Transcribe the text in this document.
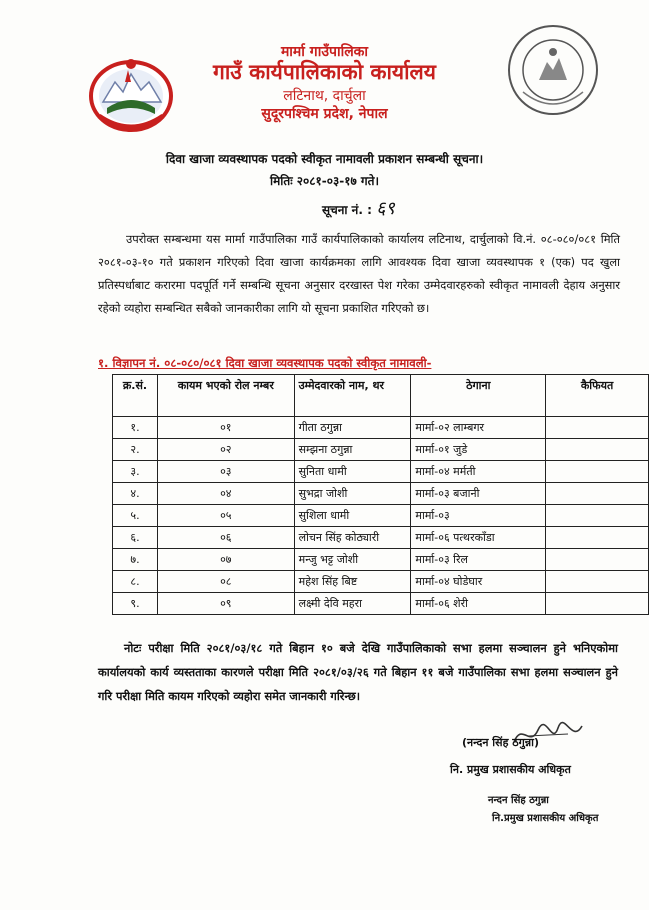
मार्मा गाउँपालिका
गाउँ कार्यपालिकाको कार्यालय
लटिनाथ, दार्चुला
सुदूरपश्चिम प्रदेश, नेपाल
दिवा खाजा व्यवस्थापक पदको स्वीकृत नामावली प्रकाशन सम्बन्धी सूचना।
मितिः २०८१-०३-१७ गते।
सूचना नं. : ६९
उपरोक्त सम्बन्धमा यस मार्मा गाउँपालिका गाउँ कार्यपालिकाको कार्यालय लटिनाथ, दार्चुलाको वि.नं. ०८-०८०/०८१ मिति २०८१-०३-१० गते प्रकाशन गरिएको दिवा खाजा कार्यक्रमका लागि आवश्यक दिवा खाजा व्यवस्थापक १ (एक) पद खुला प्रतिस्पर्धाबाट करारमा पदपूर्ति गर्ने सम्बन्धि सूचना अनुसार दरखास्त पेश गरेका उम्मेदवारहरुको स्वीकृत नामावली देहाय अनुसार रहेको व्यहोरा सम्बन्धित सबैको जानकारीका लागि यो सूचना प्रकाशित गरिएको छ।
१. विज्ञापन नं. ०८-०८०/०८१ दिवा खाजा व्यवस्थापक पदको स्वीकृत नामावली-
क्र.सं.	कायम भएको रोल नम्बर	उम्मेदवारको नाम, थर	ठेगाना	कैफियत
१.	०१	गीता ठगुन्ना	मार्मा-०२ लाम्बगर	
२.	०२	सम्झना ठगुन्ना	मार्मा-०१ जुडे	
३.	०३	सुनिता धामी	मार्मा-०४ मर्मती	
४.	०४	सुभद्रा जोशी	मार्मा-०३ बजानी	
५.	०५	सुशिला धामी	मार्मा-०३	
६.	०६	लोचन सिंह कोठ्यारी	मार्मा-०६ पत्थरकाँडा	
७.	०७	मन्जु भट्ट जोशी	मार्मा-०३ रिल	
८.	०८	महेश सिंह बिष्ट	मार्मा-०४ घोडेघार	
९.	०९	लक्ष्मी देवि महरा	मार्मा-०६ शेरी	
नोटः परीक्षा मिति २०८१/०३/१८ गते बिहान १० बजे देखि गाउँपालिकाको सभा हलमा सञ्चालन हुने भनिएकोमा कार्यालयको कार्य व्यस्तताका कारणले परीक्षा मिति २०८१/०३/२६ गते बिहान ११ बजे गाउँपालिका सभा हलमा सञ्चालन हुने गरि परीक्षा मिति कायम गरिएको व्यहोरा समेत जानकारी गरिन्छ।
(नन्दन सिंह ठगुन्ना)
नि. प्रमुख प्रशासकीय अधिकृत
नन्दन सिंह ठगुन्ना
नि.प्रमुख प्रशासकीय अधिकृत
